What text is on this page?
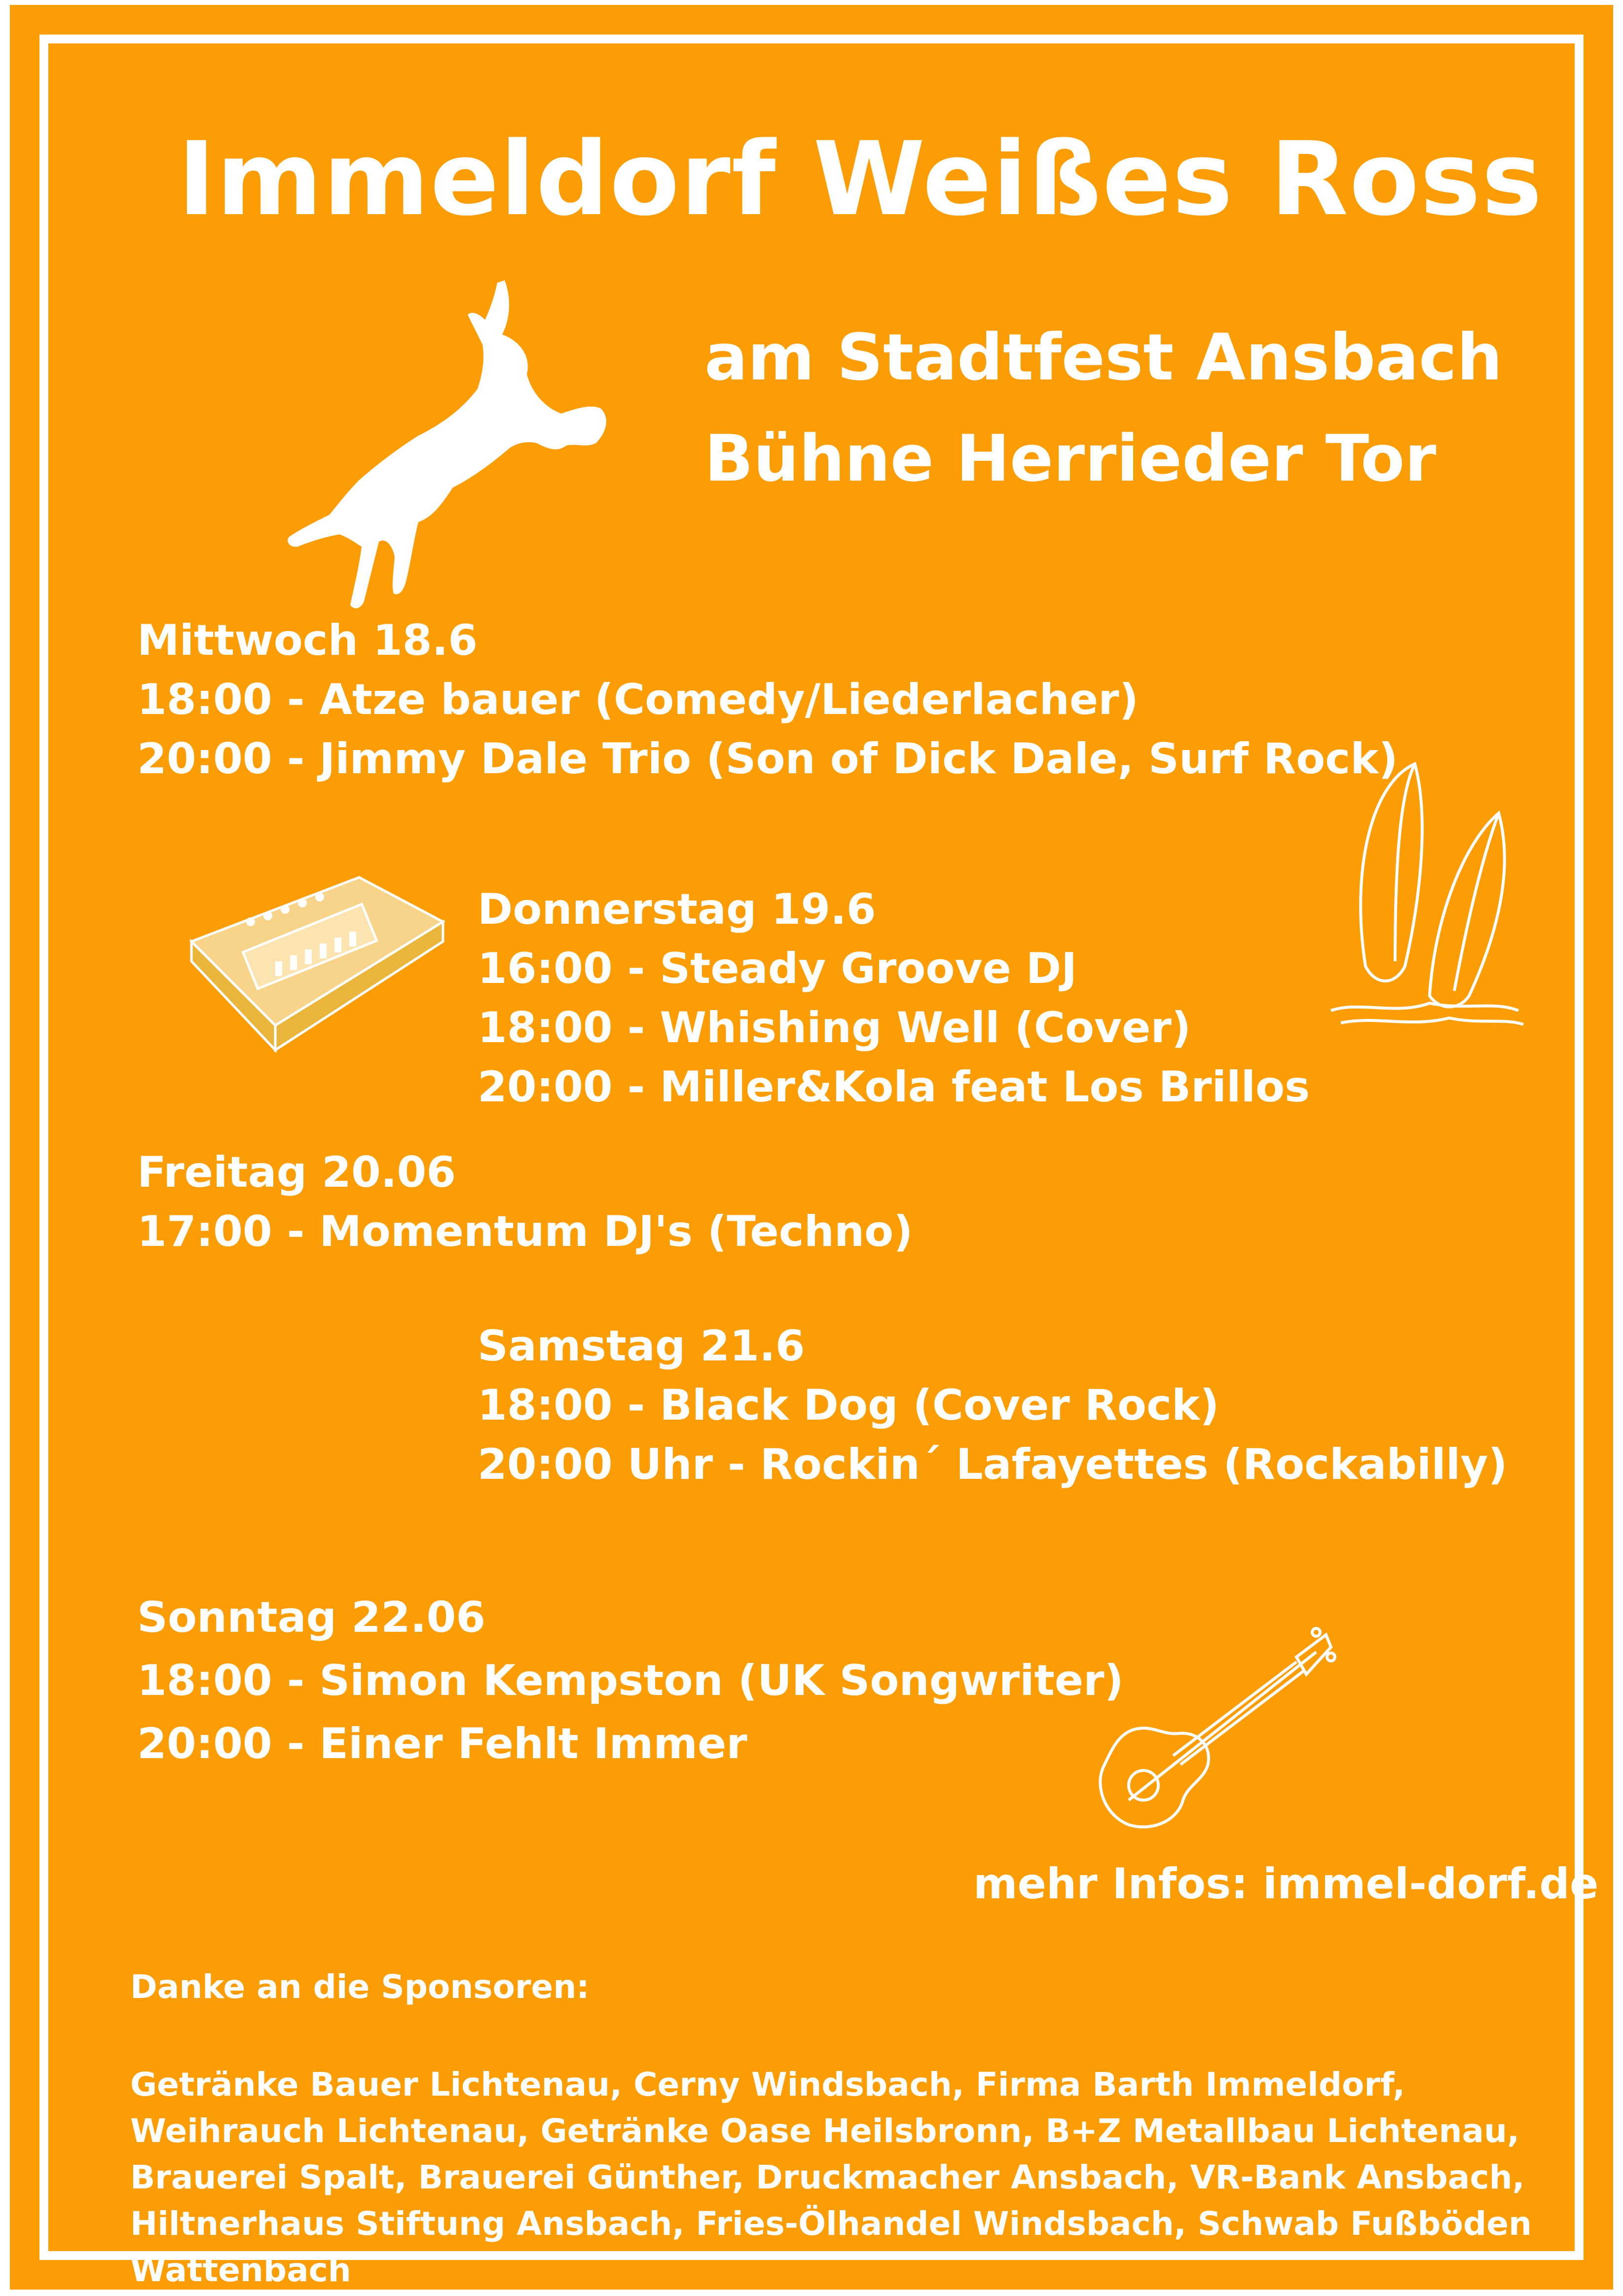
Immeldorf Weißes Ross
am Stadtfest Ansbach
Bühne Herrieder Tor
Mittwoch 18.6
18:00 - Atze bauer (Comedy/Liederlacher)
20:00 - Jimmy Dale Trio (Son of Dick Dale, Surf Rock)
Donnerstag 19.6
16:00 - Steady Groove DJ
18:00 - Whishing Well (Cover)
20:00 - Miller&Kola feat Los Brillos
Freitag 20.06
17:00 - Momentum DJ's (Techno)
Samstag 21.6
18:00 - Black Dog (Cover Rock)
20:00 Uhr - Rockin´ Lafayettes (Rockabilly)
Sonntag 22.06
18:00 - Simon Kempston (UK Songwriter)
20:00 - Einer Fehlt Immer
mehr Infos: immel-dorf.de
Danke an die Sponsoren:
Getränke Bauer Lichtenau, Cerny Windsbach, Firma Barth Immeldorf, Weihrauch Lichtenau, Getränke Oase Heilsbronn, B+Z Metallbau Lichtenau, Brauerei Spalt, Brauerei Günther, Druckmacher Ansbach, VR-Bank Ansbach, Hiltnerhaus Stiftung Ansbach, Fries-Ölhandel Windsbach, Schwab Fußböden Wattenbach
